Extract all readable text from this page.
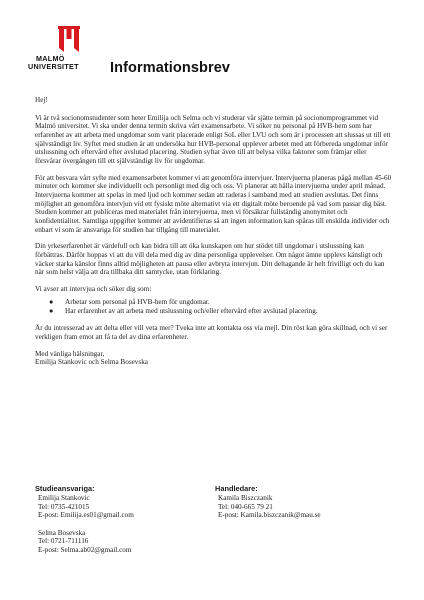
MALMÖ
UNIVERSITET	Informationsbrev

Hej!

Vi är två socionomstudenter som heter Emilija och Selma och vi studerar vår sjätte termin på socionomprogrammet vid Malmö universitet. Vi ska under denna termin skriva vårt examensarbete. Vi söker nu personal på HVB-hem som har erfarenhet av att arbeta med ungdomar som varit placerade enligt SoL eller LVU och som är i processen att slussas ut till ett självständigt liv. Syftet med studien är att undersöka hur HVB-personal upplever arbetet med att förbereda ungdomar inför utslussning och eftervård efter avslutad placering. Studien syftar även till att belysa vilka faktorer som främjar eller försvårar övergången till ett självständigt liv för ungdomar.

För att besvara vårt syfte med examensarbetet kommer vi att genomföra intervjuer. Intervjuerna planeras pågå mellan 45-60 minuter och kommer ske individuellt och personligt med dig och oss. Vi planerar att hålla intervjuerna under april månad. Intervjuerna kommer att spelas in med ljud och kommer sedan att raderas i samband med att studien avslutas. Det finns möjlighet att genomföra intervjun vid ett fysiskt möte alternativt via ett digitalt möte beroende på vad som passar dig bäst. Studien kommer att publiceras med materialet från intervjuerna, men vi försäkrar fullständig anonymitet och konfidentialitet. Samtliga uppgifter kommer att avidentifieras så att ingen information kan spåras till enskilda individer och enbart vi som är ansvariga för studien har tillgång till materialet.

Din yrkeserfarenhet är värdefull och kan bidra till att öka kunskapen om hur stödet till ungdomar i utslussning kan förbättras. Därför hoppas vi att du vill dela med dig av dina personliga upplevelser. Om något ämne upplevs känsligt och väcker starka känslor finns alltid möjligheten att pausa eller avbryta intervjun. Ditt deltagande är helt frivilligt och du kan när som helst välja att dra tillbaka ditt samtycke, utan förklaring.

Vi avser att intervjua och söker dig som:

● Arbetar som personal på HVB-hem för ungdomar.
● Har erfarenhet av att arbeta med utslussning och/eller eftervård efter avslutad placering.

Är du intresserad av att delta eller vill veta mer? Tveka inte att kontakta oss via mejl. Din röst kan göra skillnad, och vi ser verkligen fram emot att få ta del av dina erfarenheter.

Med vänliga hälsningar,

Emilija Stankovic och Selma Bosevska

Studieansvariga:
Emilija Stankovic
Tel: 0735-421015
E-post: Emilija.es01@gmail.com
Selma Bosevska
Tel: 0721-711116
E-post: Selma.ab02@gmail.com
Handledare:
Kamila Biszczanik
Tel: 040-665 79 21
E-post: Kamila.biszczanik@mau.se
